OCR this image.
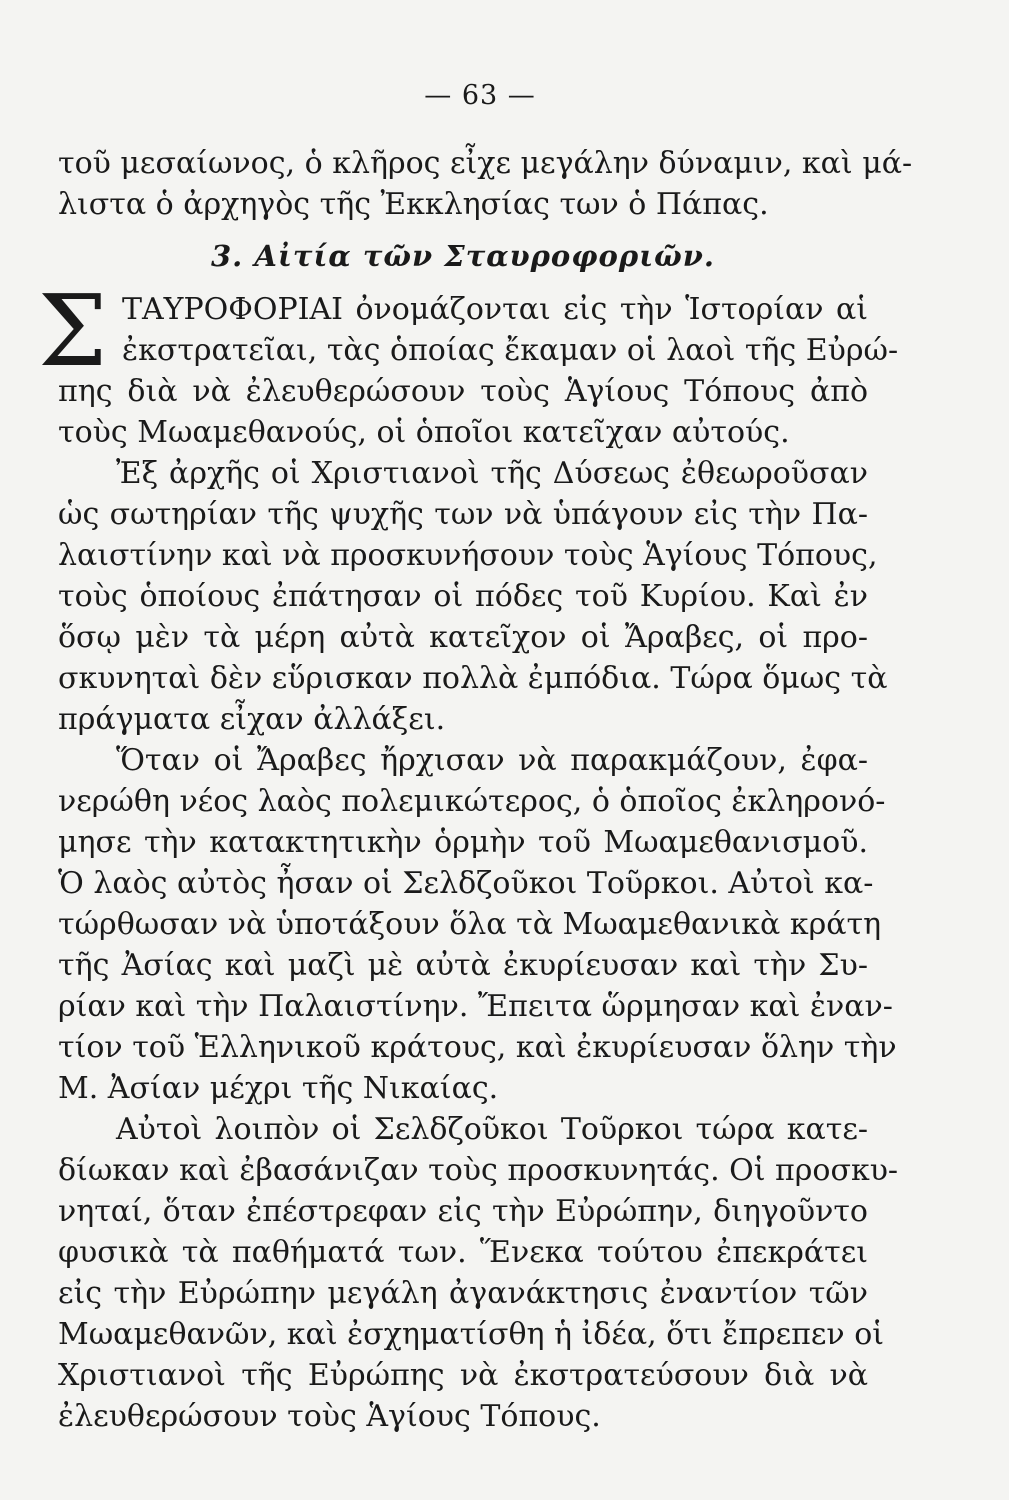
— 63 —
τοῦ μεσαίωνος, ὁ κλῆρος εἶχε μεγάλην δύναμιν, καὶ μά-
λιστα ὁ ἀρχηγὸς τῆς Ἐκκλησίας των ὁ Πάπας.
3. Αἰτία τῶν Σταυροφοριῶν.
Σ ΤΑΥΡΟΦΟΡΙΑΙ ὀνομάζονται εἰς τὴν Ἱστορίαν αἱ
ἐκστρατεῖαι, τὰς ὁποίας ἔκαμαν οἱ λαοὶ τῆς Εὐρώ-
πης διὰ νὰ ἐλευθερώσουν τοὺς Ἁγίους Τόπους ἀπὸ
τοὺς Μωαμεθανούς, οἱ ὁποῖοι κατεῖχαν αὐτούς.
Ἐξ ἀρχῆς οἱ Χριστιανοὶ τῆς Δύσεως ἐθεωροῦσαν
ὡς σωτηρίαν τῆς ψυχῆς των νὰ ὑπάγουν εἰς τὴν Πα-
λαιστίνην καὶ νὰ προσκυνήσουν τοὺς Ἁγίους Τόπους,
τοὺς ὁποίους ἐπάτησαν οἱ πόδες τοῦ Κυρίου. Καὶ ἐν
ὅσῳ μὲν τὰ μέρη αὐτὰ κατεῖχον οἱ Ἄραβες, οἱ προ-
σκυνηταὶ δὲν εὕρισκαν πολλὰ ἐμπόδια. Τώρα ὅμως τὰ
πράγματα εἶχαν ἀλλάξει.
Ὅταν οἱ Ἄραβες ἤρχισαν νὰ παρακμάζουν, ἐφα-
νερώθη νέος λαὸς πολεμικώτερος, ὁ ὁποῖος ἐκληρονό-
μησε τὴν κατακτητικὴν ὁρμὴν τοῦ Μωαμεθανισμοῦ.
Ὁ λαὸς αὐτὸς ἦσαν οἱ Σελδζοῦκοι Τοῦρκοι. Αὐτοὶ κα-
τώρθωσαν νὰ ὑποτάξουν ὅλα τὰ Μωαμεθανικὰ κράτη
τῆς Ἀσίας καὶ μαζὶ μὲ αὐτὰ ἐκυρίευσαν καὶ τὴν Συ-
ρίαν καὶ τὴν Παλαιστίνην. Ἔπειτα ὥρμησαν καὶ ἐναν-
τίον τοῦ Ἑλληνικοῦ κράτους, καὶ ἐκυρίευσαν ὅλην τὴν
Μ. Ἀσίαν μέχρι τῆς Νικαίας.
Αὐτοὶ λοιπὸν οἱ Σελδζοῦκοι Τοῦρκοι τώρα κατε-
δίωκαν καὶ ἐβασάνιζαν τοὺς προσκυνητάς. Οἱ προσκυ-
νηταί, ὅταν ἐπέστρεφαν εἰς τὴν Εὐρώπην, διηγοῦντο
φυσικὰ τὰ παθήματά των. Ἕνεκα τούτου ἐπεκράτει
εἰς τὴν Εὐρώπην μεγάλη ἀγανάκτησις ἐναντίον τῶν
Μωαμεθανῶν, καὶ ἐσχηματίσθη ἡ ἰδέα, ὅτι ἔπρεπεν οἱ
Χριστιανοὶ τῆς Εὐρώπης νὰ ἐκστρατεύσουν διὰ νὰ
ἐλευθερώσουν τοὺς Ἁγίους Τόπους.
